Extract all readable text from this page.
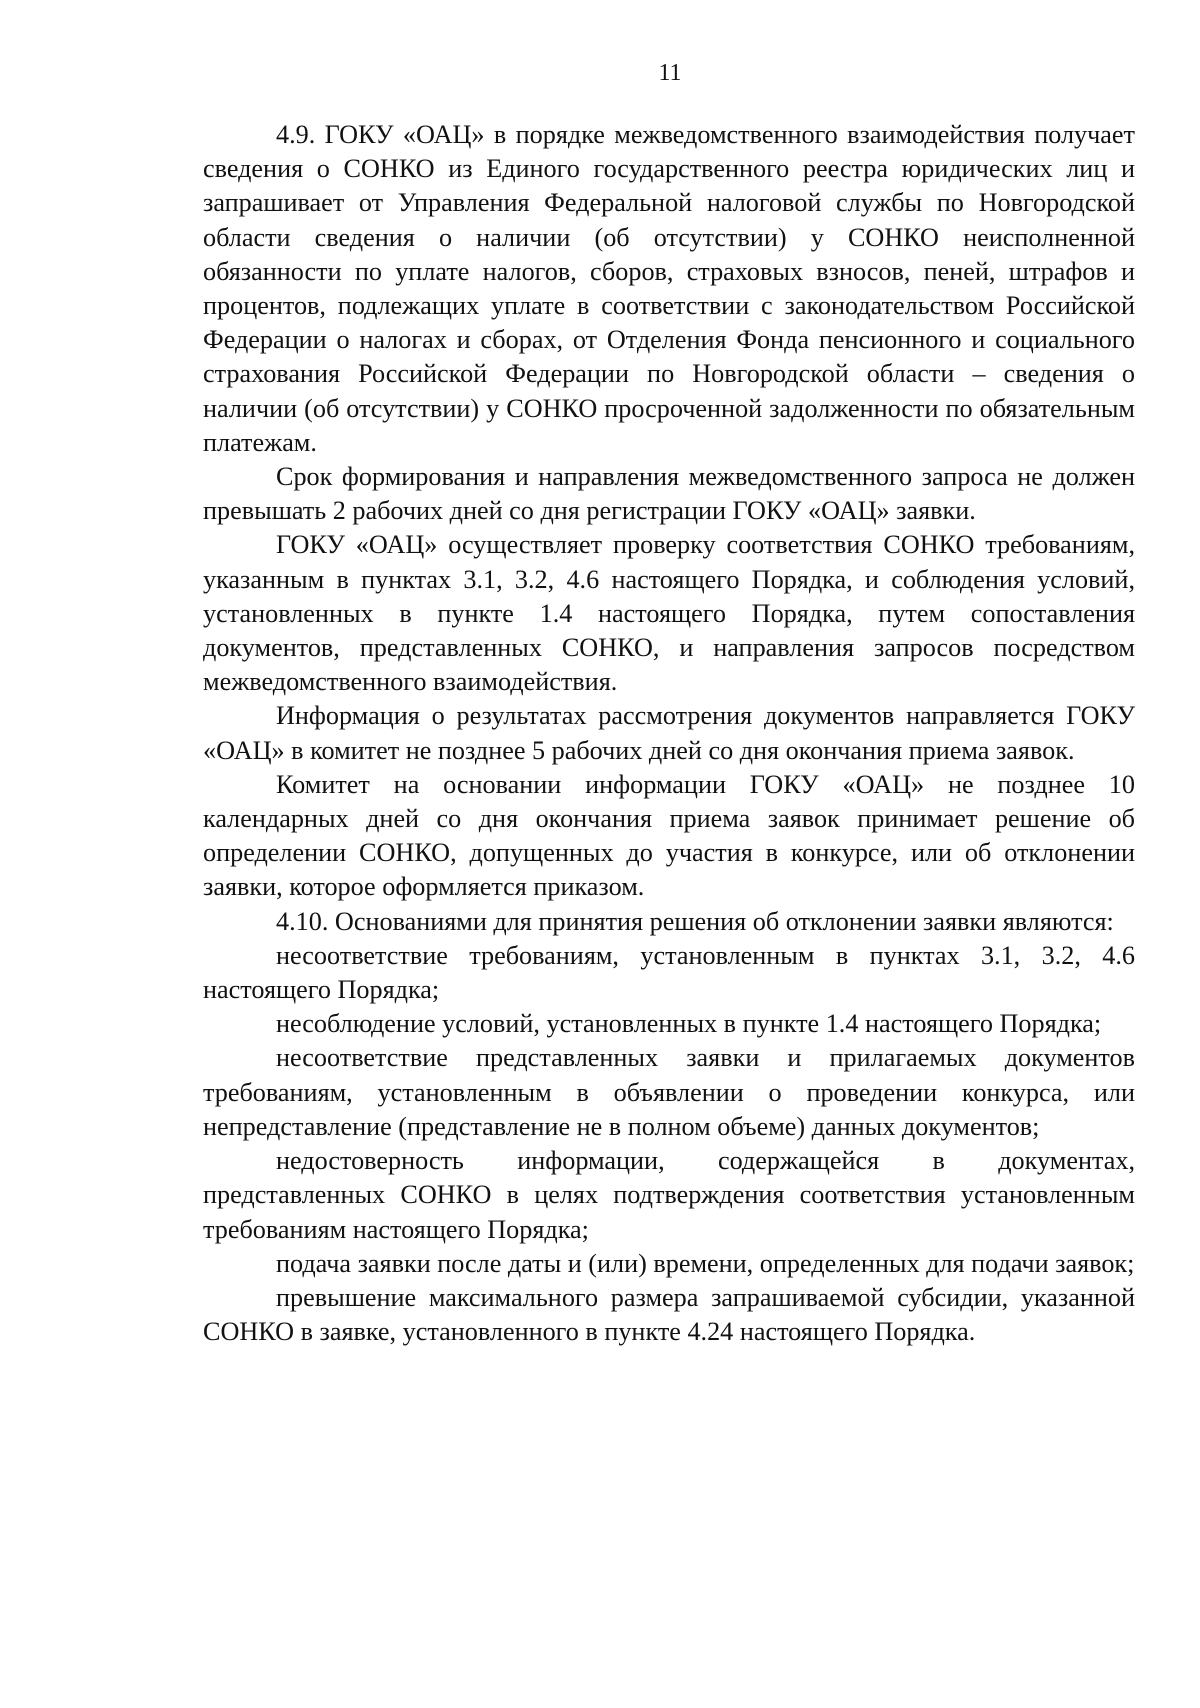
11

4.9. ГОКУ «ОАЦ» в порядке межведомственного взаимодействия получает сведения о СОНКО из Единого государственного реестра юридических лиц и запрашивает от Управления Федеральной налоговой службы по Новгородской области сведения о наличии (об отсутствии) у СОНКО неисполненной обязанности по уплате налогов, сборов, страховых взносов, пеней, штрафов и процентов, подлежащих уплате в соответствии с законодательством Российской Федерации о налогах и сборах, от Отделения Фонда пенсионного и социального страхования Российской Федерации по Новгородской области – сведения о наличии (об отсутствии) у СОНКО просроченной задолженности по обязательным платежам.

Срок формирования и направления межведомственного запроса не должен превышать 2 рабочих дней со дня регистрации ГОКУ «ОАЦ» заявки.

ГОКУ «ОАЦ» осуществляет проверку соответствия СОНКО требованиям, указанным в пунктах 3.1, 3.2, 4.6 настоящего Порядка, и соблюдения условий, установленных в пункте 1.4 настоящего Порядка, путем сопоставления документов, представленных СОНКО, и направления запросов посредством межведомственного взаимодействия.

Информация о результатах рассмотрения документов направляется ГОКУ «ОАЦ» в комитет не позднее 5 рабочих дней со дня окончания приема заявок.

Комитет на основании информации ГОКУ «ОАЦ» не позднее 10 календарных дней со дня окончания приема заявок принимает решение об определении СОНКО, допущенных до участия в конкурсе, или об отклонении заявки, которое оформляется приказом.

4.10. Основаниями для принятия решения об отклонении заявки являются:

несоответствие требованиям, установленным в пунктах 3.1, 3.2, 4.6 настоящего Порядка;

несоблюдение условий, установленных в пункте 1.4 настоящего Порядка;

несоответствие представленных заявки и прилагаемых документов требованиям, установленным в объявлении о проведении конкурса, или непредставление (представление не в полном объеме) данных документов;

недостоверность информации, содержащейся в документах, представленных СОНКО в целях подтверждения соответствия установленным требованиям настоящего Порядка;

подача заявки после даты и (или) времени, определенных для подачи заявок;

превышение максимального размера запрашиваемой субсидии, указанной СОНКО в заявке, установленного в пункте 4.24 настоящего Порядка.
